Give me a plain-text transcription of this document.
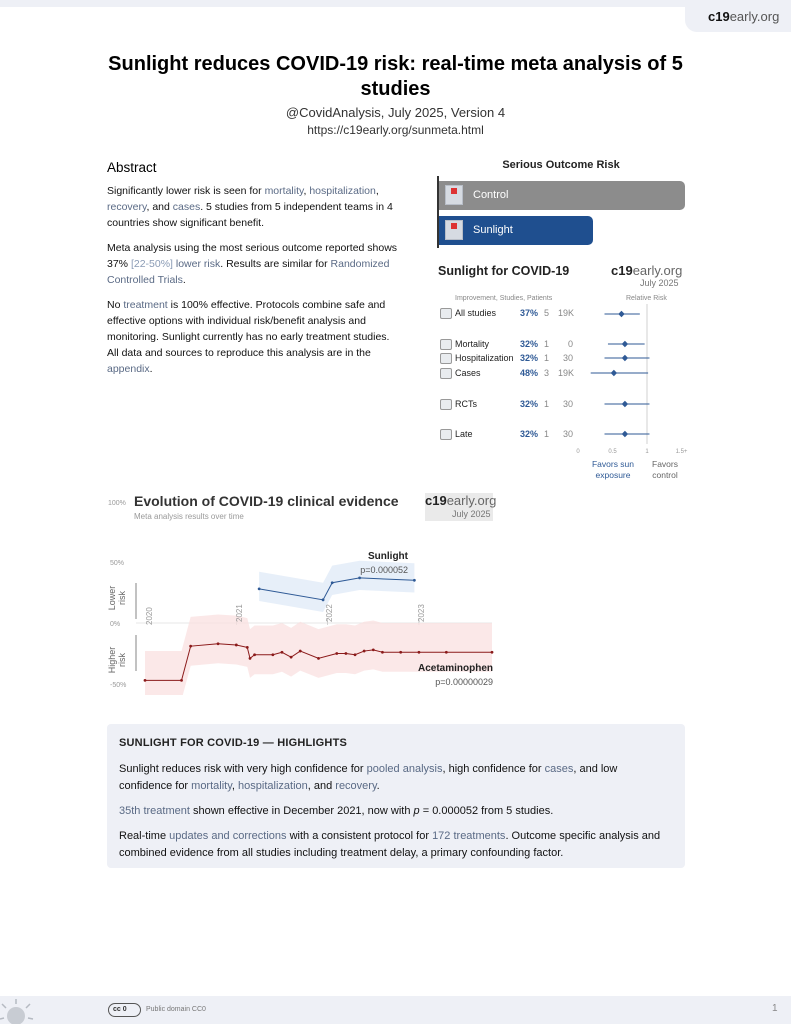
c19early.org
Sunlight reduces COVID-19 risk: real-time meta analysis of 5 studies
@CovidAnalysis, July 2025, Version 4
https://c19early.org/sunmeta.html
Abstract

Significantly lower risk is seen for mortality, hospitalization, recovery, and cases. 5 studies from 5 independent teams in 4 countries show significant benefit.

Meta analysis using the most serious outcome reported shows 37% [22-50%] lower risk. Results are similar for Randomized Controlled Trials.

No treatment is 100% effective. Protocols combine safe and effective options with individual risk/benefit analysis and monitoring. Sunlight currently has no early treatment studies. All data and sources to reproduce this analysis are in the appendix.

Serious Outcome Risk
Control
Sunlight
Sunlight for COVID-19	c19early.org
July 2025
Improvement, Studies, Patients	Relative Risk
All studies	37% 5 19K
Mortality	32% 1	0
Hospitalization 32% 1	30
Cases	48% 3 19K
RCTs	32% 1	30
Late	32% 1	30
0	0.5	1	1.5+
Favors sun exposure
Favors control
100% Evolution of COVID-19 clinical evidence
Meta analysis results over time
c19early.org
July 2025
50%
0%
-50%
Lower risk
Higher risk
2020	2021	2022	2023
Sunlight
p=0.000052
Acetaminophen
p=0.00000029
SUNLIGHT FOR COVID-19 — HIGHLIGHTS

Sunlight reduces risk with very high confidence for pooled analysis, high confidence for cases, and low confidence for mortality, hospitalization, and recovery.

35th treatment shown effective in December 2021, now with p = 0.000052 from 5 studies.

Real-time updates and corrections with a consistent protocol for 172 treatments. Outcome specific analysis and combined evidence from all studies including treatment delay, a primary confounding factor.

cc 0	Public domain CC0	1
